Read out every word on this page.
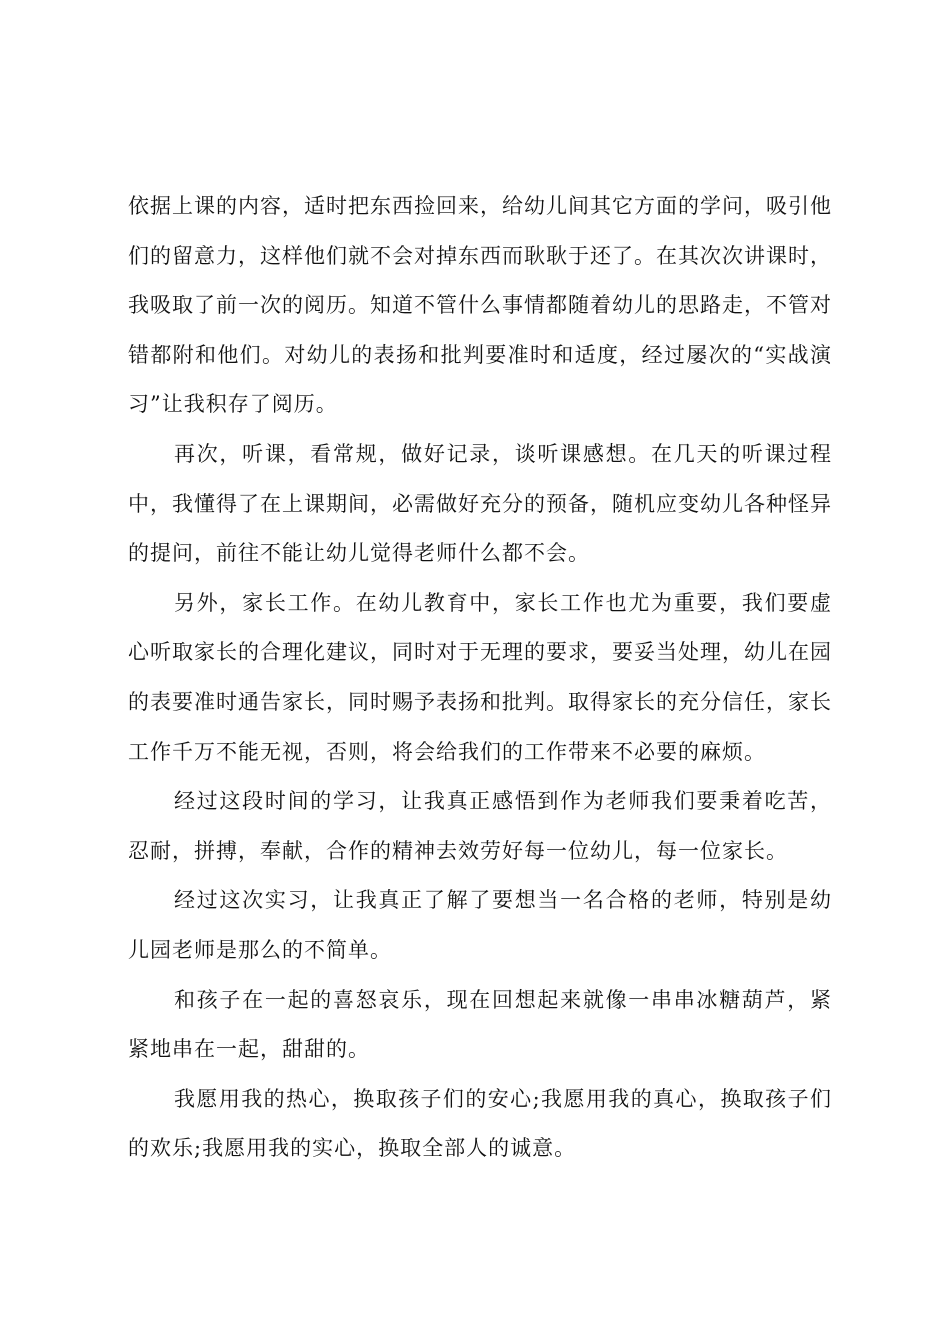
依据上课的内容，适时把东西捡回来，给幼儿间其它方面的学问，吸引他们的留意力，这样他们就不会对掉东西而耿耿于还了。在其次次讲课时，我吸取了前一次的阅历。知道不管什么事情都随着幼儿的思路走，不管对错都附和他们。对幼儿的表扬和批判要准时和适度，经过屡次的“实战演习”让我积存了阅历。

再次，听课，看常规，做好记录，谈听课感想。在几天的听课过程中，我懂得了在上课期间，必需做好充分的预备，随机应变幼儿各种怪异的提问，前往不能让幼儿觉得老师什么都不会。

另外，家长工作。在幼儿教育中，家长工作也尤为重要，我们要虚心听取家长的合理化建议，同时对于无理的要求，要妥当处理，幼儿在园的表要准时通告家长，同时赐予表扬和批判。取得家长的充分信任，家长工作千万不能无视，否则，将会给我们的工作带来不必要的麻烦。

经过这段时间的学习，让我真正感悟到作为老师我们要秉着吃苦，忍耐，拼搏，奉献，合作的精神去效劳好每一位幼儿，每一位家长。

经过这次实习，让我真正了解了要想当一名合格的老师，特别是幼儿园老师是那么的不简单。

和孩子在一起的喜怒哀乐，现在回想起来就像一串串冰糖葫芦，紧紧地串在一起，甜甜的。

我愿用我的热心，换取孩子们的安心;我愿用我的真心，换取孩子们的欢乐;我愿用我的实心，换取全部人的诚意。
